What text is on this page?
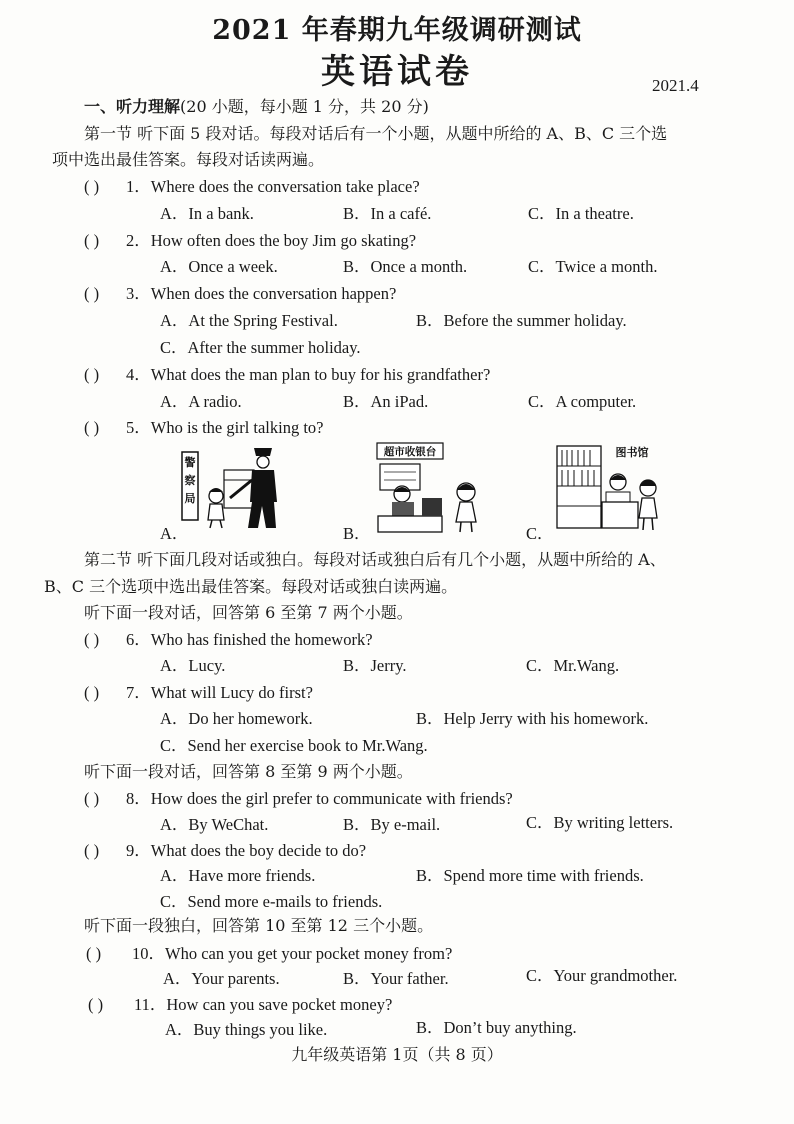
2021 年春期九年级调研测试
英语试卷	2021.4
一、听力理解(20 小题，每小题 1 分，共 20 分)
第一节 听下面 5 段对话。每段对话后有一个小题，从题中所给的 A、B、C 三个选
项中选出最佳答案。每段对话读两遍。
( ) 1．Where does the conversation take place?
A．In a bank.	B．In a café.	C．In a theatre.
( ) 2．How often does the boy Jim go skating?
A．Once a week.	B．Once a month.	C．Twice a month.
( ) 3．When does the conversation happen?
A．At the Spring Festival.	B．Before the summer holiday.
C．After the summer holiday.
( ) 4．What does the man plan to buy for his grandfather?
A．A radio.	B．An iPad.	C．A computer.
( ) 5．Who is the girl talking to?
A．	B．	C．
警
察
局
超市收银台	图书馆
第二节 听下面几段对话或独白。每段对话或独白后有几个小题，从题中所给的 A、
B、C 三个选项中选出最佳答案。每段对话或独白读两遍。
听下面一段对话，回答第 6 至第 7 两个小题。
( ) 6．Who has finished the homework?
A．Lucy.	B．Jerry.	C．Mr.Wang.
( ) 7．What will Lucy do first?
A．Do her homework.	B．Help Jerry with his homework.
C．Send her exercise book to Mr.Wang.
听下面一段对话，回答第 8 至第 9 两个小题。
( ) 8．How does the girl prefer to communicate with friends?
A．By WeChat.	B．By e-mail.	C．By writing letters.
( ) 9．What does the boy decide to do?
A．Have more friends.	B．Spend more time with friends.
C．Send more e-mails to friends.
听下面一段独白，回答第 10 至第 12 三个小题。
( ) 10．Who can you get your pocket money from?
A．Your parents.	B．Your father.	C．Your grandmother.
( ) 11．How can you save pocket money?
A．Buy things you like.	B．Don’t buy anything.
九年级英语第 1页（共 8 页）
